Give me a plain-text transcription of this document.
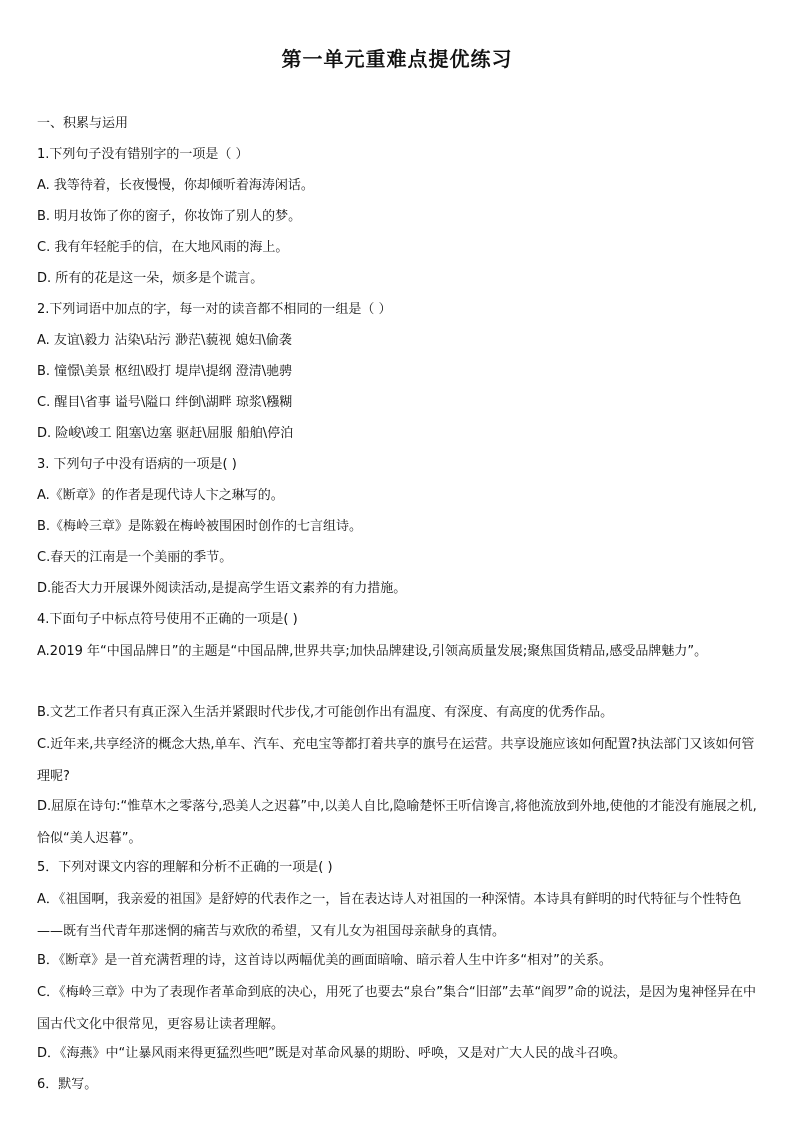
第一单元重难点提优练习
一、积累与运用
1.下列句子没有错别字的一项是（ ）
A. 我等待着，长夜慢慢，你却倾听着海涛闲话。
B. 明月妆饰了你的窗子，你妆饰了别人的梦。
C. 我有年轻舵手的信，在大地风雨的海上。
D. 所有的花是这一朵，烦多是个谎言。
2.下列词语中加点的字，每一对的读音都不相同的一组是（ ）
A. 友谊\毅力 沾染\玷污 渺茫\藐视 媳妇\偷袭
B. 憧憬\美景 枢纽\殴打 堤岸\提纲 澄清\驰骋
C. 醒目\省事 谥号\隘口 绊倒\湖畔 琼浆\糨糊
D. 险峻\竣工 阻塞\边塞 驱赶\屈服 船舶\停泊
3. 下列句子中没有语病的一项是( )
A.《断章》的作者是现代诗人卞之琳写的。
B.《梅岭三章》是陈毅在梅岭被围困时创作的七言组诗。
C.春天的江南是一个美丽的季节。
D.能否大力开展课外阅读活动,是提高学生语文素养的有力措施。
4.下面句子中标点符号使用不正确的一项是( )
A.2019 年“中国品牌日”的主题是“中国品牌,世界共享;加快品牌建设,引领高质量发展;聚焦国货精品,感受品牌魅力”。
B.文艺工作者只有真正深入生活并紧跟时代步伐,才可能创作出有温度、有深度、有高度的优秀作品。
C.近年来,共享经济的概念大热,单车、汽车、充电宝等都打着共享的旗号在运营。共享设施应该如何配置?执法部门又该如何管理呢?
D.屈原在诗句:“惟草木之零落兮,恐美人之迟暮”中,以美人自比,隐喻楚怀王听信谗言,将他流放到外地,使他的才能没有施展之机,恰似“美人迟暮”。
5．下列对课文内容的理解和分析不正确的一项是( )
A．《祖国啊，我亲爱的祖国》是舒婷的代表作之一，旨在表达诗人对祖国的一种深情。本诗具有鲜明的时代特征与个性特色——既有当代青年那迷惘的痛苦与欢欣的希望，又有儿女为祖国母亲献身的真情。
B．《断章》是一首充满哲理的诗，这首诗以两幅优美的画面暗喻、暗示着人生中许多“相对”的关系。
C．《梅岭三章》中为了表现作者革命到底的决心，用死了也要去“泉台”集合“旧部”去革“阎罗”命的说法，是因为鬼神怪异在中国古代文化中很常见，更容易让读者理解。
D．《海燕》中“让暴风雨来得更猛烈些吧”既是对革命风暴的期盼、呼唤，又是对广大人民的战斗召唤。
6．默写。
